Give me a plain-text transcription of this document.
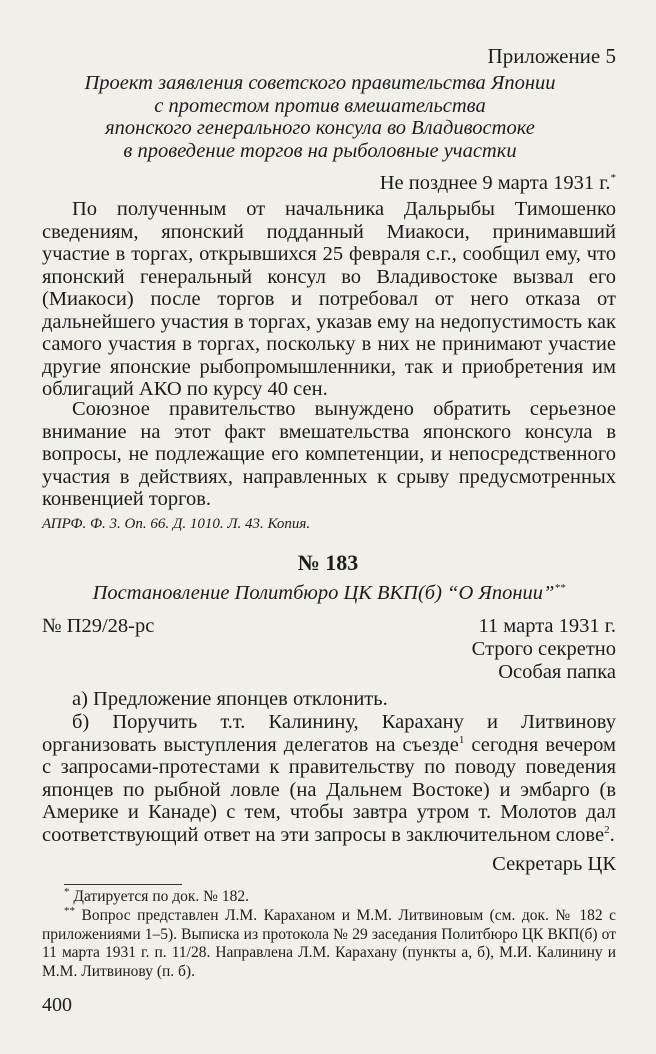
Приложение 5
Проект заявления советского правительства Японии
с протестом против вмешательства
японского генерального консула во Владивостоке
в проведение торгов на рыболовные участки
Не позднее 9 марта 1931 г.*

По полученным от начальника Дальрыбы Тимошенко сведениям, японский подданный Миакоси, принимавший участие в торгах, открывшихся 25 февраля с.г., сообщил ему, что японский генеральный консул во Владивостоке вызвал его (Миакоси) после торгов и потребовал от него отказа от дальнейшего участия в торгах, указав ему на недопустимость как самого участия в торгах, поскольку в них не принимают участие другие японские рыбопромышленники, так и приобретения им облигаций АКО по курсу 40 сен.

Союзное правительство вынуждено обратить серьезное внимание на этот факт вмешательства японского консула в вопросы, не подлежащие его компетенции, и непосредственного участия в действиях, направленных к срыву предусмотренных конвенцией торгов.

АПРФ. Ф. 3. Оп. 66. Д. 1010. Л. 43. Копия.
№ 183
Постановление Политбюро ЦК ВКП(б) “О Японии”**
№ П29/28-рс	11 марта 1931 г.
Строго секретно
Особая папка
а) Предложение японцев отклонить.

б) Поручить т.т. Калинину, Карахану и Литвинову организовать выступления делегатов на съезде$^1$ сегодня вечером с запросами-протестами к правительству по поводу поведения японцев по рыбной ловле (на Дальнем Востоке) и эмбарго (в Америке и Канаде) с тем, чтобы завтра утром т. Молотов дал соответствующий ответ на эти запросы в заключительном слове$^2$.

Секретарь ЦК

* Датируется по док. № 182.

** Вопрос представлен Л.М. Караханом и М.М. Литвиновым (см. док. № 182 с приложениями 1–5). Выписка из протокола № 29 заседания Политбюро ЦК ВКП(б) от 11 марта 1931 г. п. 11/28. Направлена Л.М. Карахану (пункты а, б), М.И. Калинину и М.М. Литвинову (п. б).

400
